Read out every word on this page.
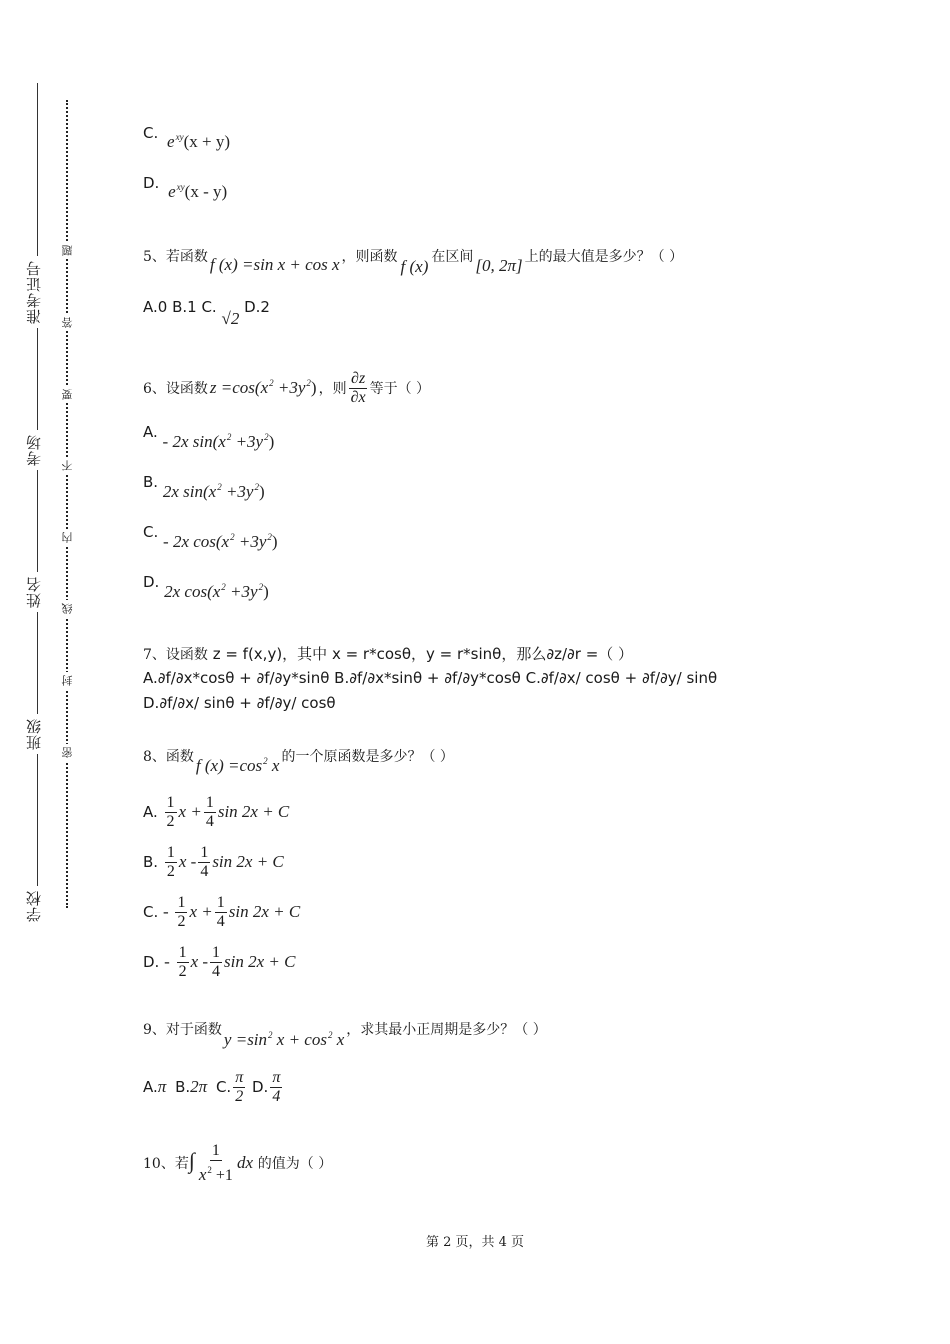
准考证号
考场
姓名
班级
学校
题
答
要
不
内
线
封
密
C. $e^{xy}(x + y)$
D. $e^{xy}(x - y)$
5、若函数 f (x) =sin x + cos x ，则函数 f (x) 在区间 [0, 2π] 上的最大值是多少？（ ）
A.0 B.1 C. √2 D.2
6、设函数 $z =\cos(x^2 +3y^2)$ ，则 $\frac{\partial z}{\partial x}$ 等于（ ）
A. - 2x $\sin(x^2 +3y^2)$
B. 2x $\sin(x^2 +3y^2)$
C. - 2x $\cos(x^2 +3y^2)$
D. 2x $\cos(x^2 +3y^2)$
7、设函数 z = f(x,y)，其中 x = r*cosθ，y = r*sinθ，那么∂z/∂r =（ ）
A.∂f/∂x*cosθ + ∂f/∂y*sinθ B.∂f/∂x*sinθ + ∂f/∂y*cosθ C.∂f/∂x/ cosθ + ∂f/∂y/ sinθ
D.∂f/∂x/ sinθ + ∂f/∂y/ cosθ
8、函数 f $(x) =\cos^2$ x 的一个原函数是多少？（ ）
A. $\frac{1}{2}$ $x + \frac{1}{4}$ sin 2x + C
B. $\frac{1}{2}$ x - $\frac{1}{4}$ sin 2x + C
C. - $\frac{1}{2}$ $x + \frac{1}{4}$ sin 2x + C
D. - $\frac{1}{2}$ x - $\frac{1}{4}$ sin 2x + C
9、对于函数 $y =\sin^2$ $x + \cos^2 x$ ，求其最小正周期是多少？（ ）
A.π B.2π C. $\frac{\pi}{2} D$. $\frac{\pi}{4}$
10、若∫ $\frac{1}{x^2 +1}$ dx 的值为（ ）
第 2 页，共 4 页
